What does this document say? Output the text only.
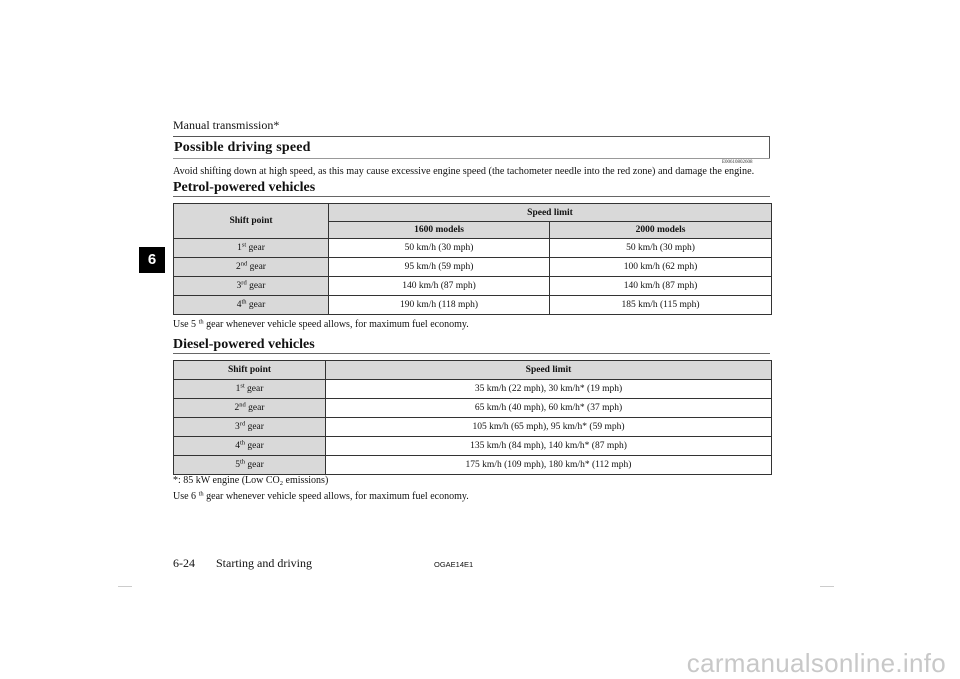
Manual transmission*
Possible driving speed
E00610802608
Avoid shifting down at high speed, as this may cause excessive engine speed (the tachometer needle into the red zone) and damage the engine.
6
Petrol-powered vehicles
Shift point	Speed limit	
	1600 models	2000 models
1st gear	50 km/h (30 mph)	50 km/h (30 mph)
2nd gear	95 km/h (59 mph)	100 km/h (62 mph)
3rd gear	140 km/h (87 mph)	140 km/h (87 mph)
4th gear	190 km/h (118 mph)	185 km/h (115 mph)
Use 5 $^{th}$ gear whenever vehicle speed allows, for maximum fuel economy.
Diesel-powered vehicles
Shift point	Speed limit
1st gear	35 km/h (22 mph), 30 km/h* (19 mph)
2nd gear	65 km/h (40 mph), 60 km/h* (37 mph)
3rd gear	105 km/h (65 mph), 95 km/h* (59 mph)
4th gear	135 km/h (84 mph), 140 km/h* (87 mph)
5th gear	175 km/h (109 mph), 180 km/h* (112 mph)
*: 85 kW engine (Low $CO_2$ emissions)
Use 6 $^{th}$ gear whenever vehicle speed allows, for maximum fuel economy.
6-24 Starting and driving	OGAE14E1
carmanualsonline.info
